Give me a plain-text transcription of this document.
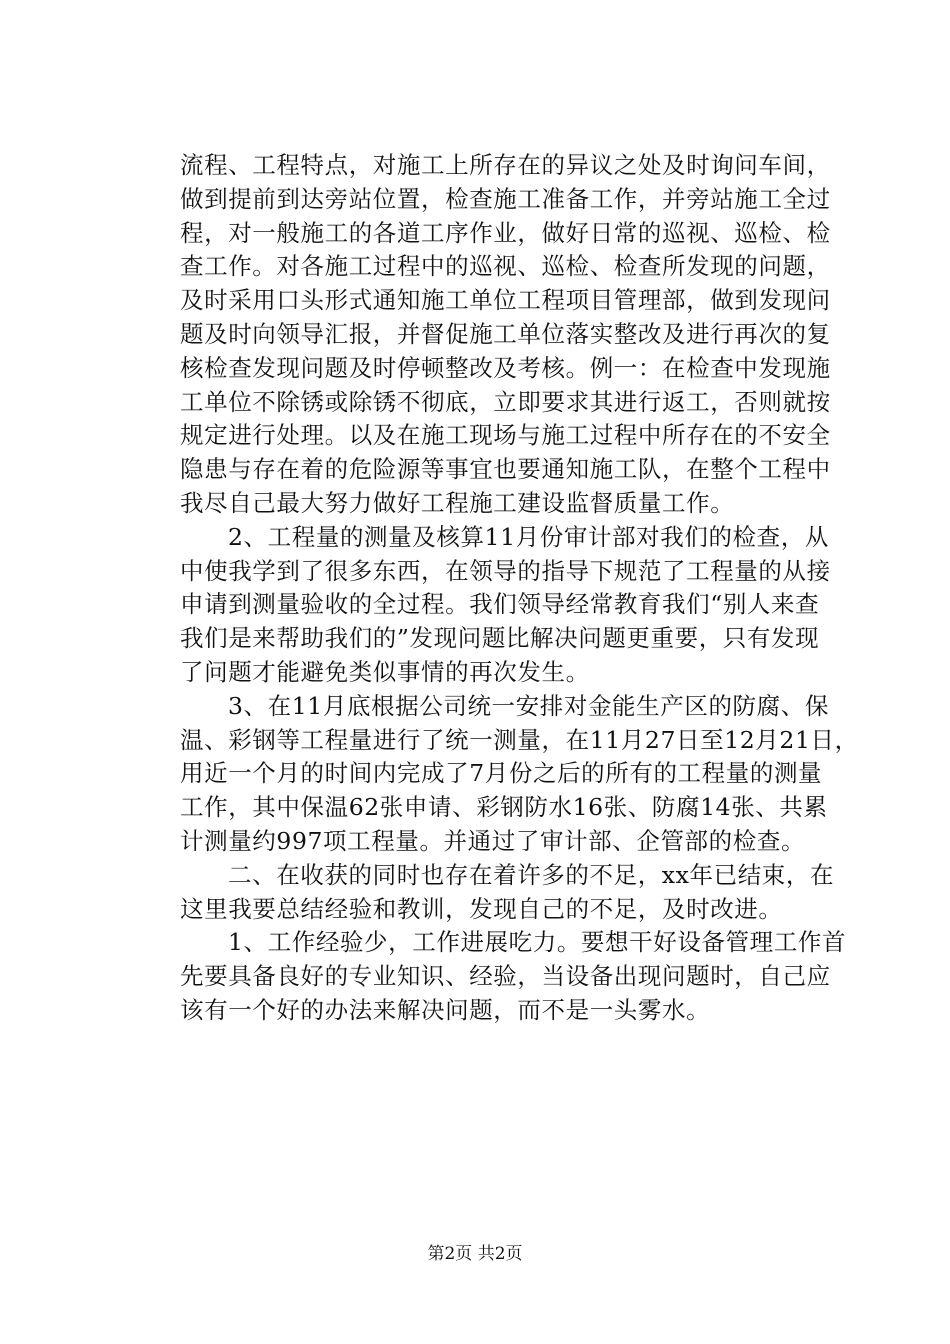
流程、工程特点，对施工上所存在的异议之处及时询问车间，
做到提前到达旁站位置，检查施工准备工作，并旁站施工全过
程，对一般施工的各道工序作业，做好日常的巡视、巡检、检
查工作。对各施工过程中的巡视、巡检、检查所发现的问题，
及时采用口头形式通知施工单位工程项目管理部，做到发现问
题及时向领导汇报，并督促施工单位落实整改及进行再次的复
核检查发现问题及时停顿整改及考核。例一：在检查中发现施
工单位不除锈或除锈不彻底，立即要求其进行返工，否则就按
规定进行处理。以及在施工现场与施工过程中所存在的不安全
隐患与存在着的危险源等事宜也要通知施工队，在整个工程中
我尽自己最大努力做好工程施工建设监督质量工作。
2、工程量的测量及核算11月份审计部对我们的检查，从
中使我学到了很多东西，在领导的指导下规范了工程量的从接
申请到测量验收的全过程。我们领导经常教育我们“别人来查
我们是来帮助我们的”发现问题比解决问题更重要，只有发现
了问题才能避免类似事情的再次发生。
3、在11月底根据公司统一安排对金能生产区的防腐、保
温、彩钢等工程量进行了统一测量，在11月27日至12月21日，
用近一个月的时间内完成了7月份之后的所有的工程量的测量
工作，其中保温62张申请、彩钢防水16张、防腐14张、共累
计测量约997项工程量。并通过了审计部、企管部的检查。
二、在收获的同时也存在着许多的不足，xx年已结束，在
这里我要总结经验和教训，发现自己的不足，及时改进。
1、工作经验少，工作进展吃力。要想干好设备管理工作首
先要具备良好的专业知识、经验，当设备出现问题时，自己应
该有一个好的办法来解决问题，而不是一头雾水。
第2页 共2页
